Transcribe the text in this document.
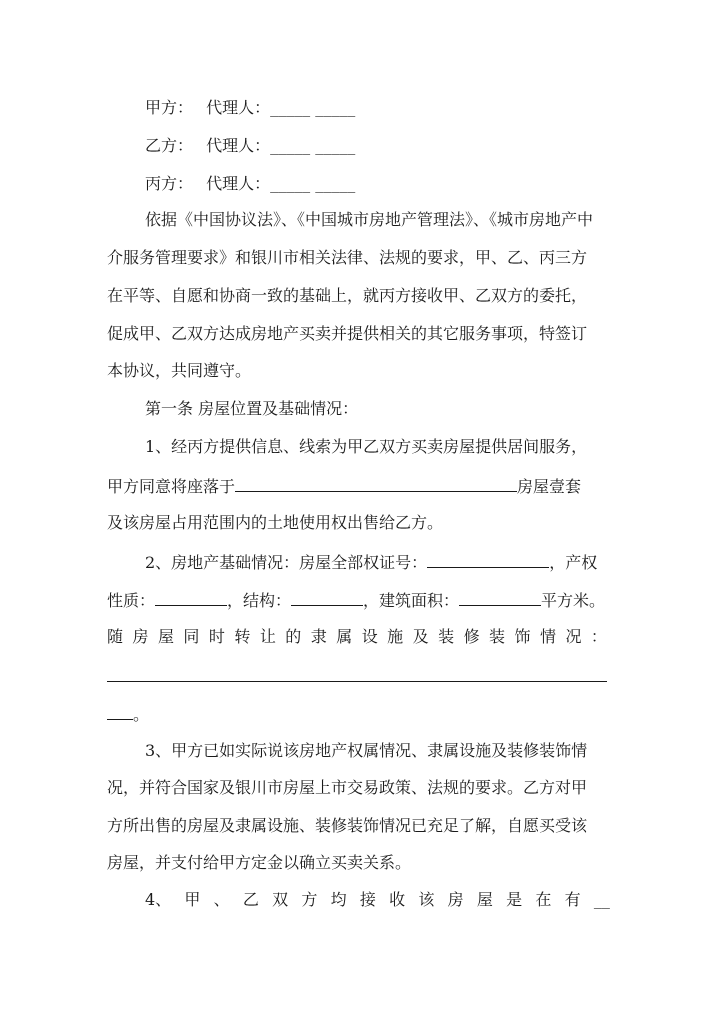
甲方： 代理人：_____ _____
乙方： 代理人：_____ _____
丙方： 代理人：_____ _____
依据《中国协议法》、《中国城市房地产管理法》、《城市房地产中
介服务管理要求》和银川市相关法律、法规的要求，甲、乙、丙三方
在平等、自愿和协商一致的基础上，就丙方接收甲、乙双方的委托，
促成甲、乙双方达成房地产买卖并提供相关的其它服务事项，特签订
本协议，共同遵守。
第一条 房屋位置及基础情况：
1、经丙方提供信息、线索为甲乙双方买卖房屋提供居间服务，
甲方同意将座落于	房屋壹套
及该房屋占用范围内的土地使用权出售给乙方。
2、房地产基础情况：房屋全部权证号：	，产权
性质：	，结构：	，建筑面积：	平方米。
随 房 屋 同 时 转 让 的 隶 属 设 施 及 装 修 装 饰 情 况 ：
。
3、甲方已如实际说该房地产权属情况、隶属设施及装修装饰情
况，并符合国家及银川市房屋上市交易政策、法规的要求。乙方对甲
方所出售的房屋及隶属设施、装修装饰情况已充足了解，自愿买受该
房屋，并支付给甲方定金以确立买卖关系。
4、 甲 、 乙 双 方 均 接 收 该 房 屋 是 在 有 __
